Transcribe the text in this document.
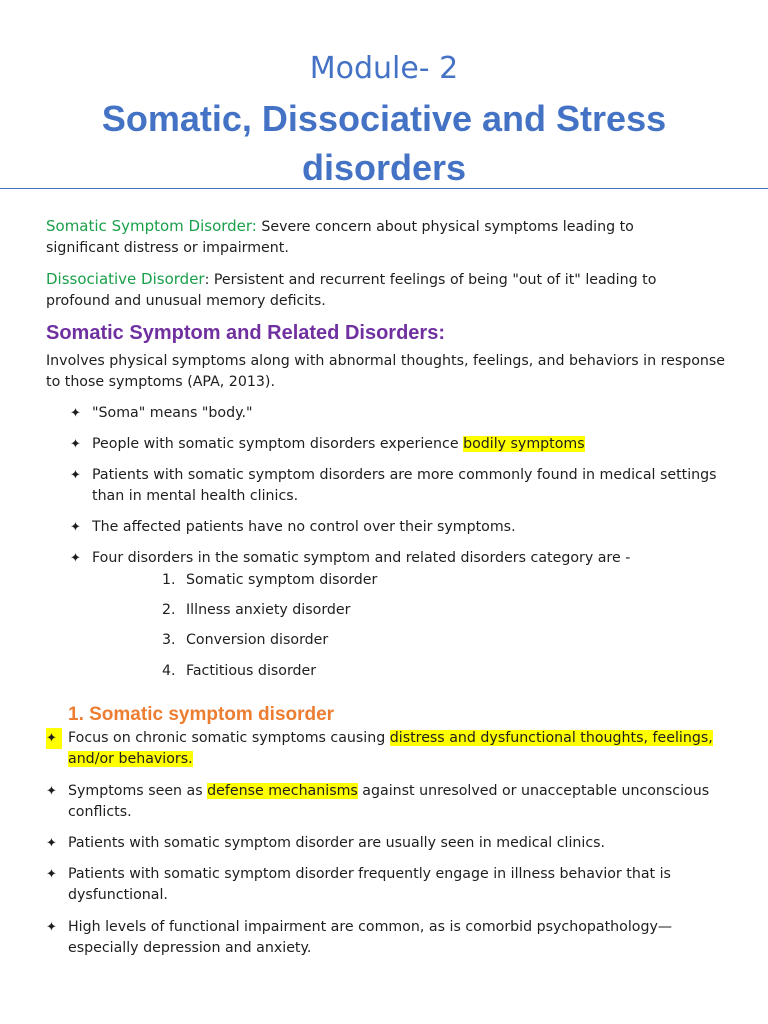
Module- 2
Somatic, Dissociative and Stress
disorders
Somatic Symptom Disorder: Severe concern about physical symptoms leading to
significant distress or impairment.
Dissociative Disorder: Persistent and recurrent feelings of being "out of it" leading to
profound and unusual memory deficits.
Somatic Symptom and Related Disorders:
Involves physical symptoms along with abnormal thoughts, feelings, and behaviors in response
to those symptoms (APA, 2013).
✦ "Soma" means "body."
✦ People with somatic symptom disorders experience bodily symptoms
✦ Patients with somatic symptom disorders are more commonly found in medical settings
than in mental health clinics.
✦ The affected patients have no control over their symptoms.
✦ Four disorders in the somatic symptom and related disorders category are -
1. Somatic symptom disorder
2. Illness anxiety disorder
3. Conversion disorder
4. Factitious disorder
1. Somatic symptom disorder
✦ Focus on chronic somatic symptoms causing distress and dysfunctional thoughts, feelings,
and/or behaviors.
✦ Symptoms seen as defense mechanisms against unresolved or unacceptable unconscious
conflicts.
✦ Patients with somatic symptom disorder are usually seen in medical clinics.
✦ Patients with somatic symptom disorder frequently engage in illness behavior that is
dysfunctional.
✦ High levels of functional impairment are common, as is comorbid psychopathology—
especially depression and anxiety.
